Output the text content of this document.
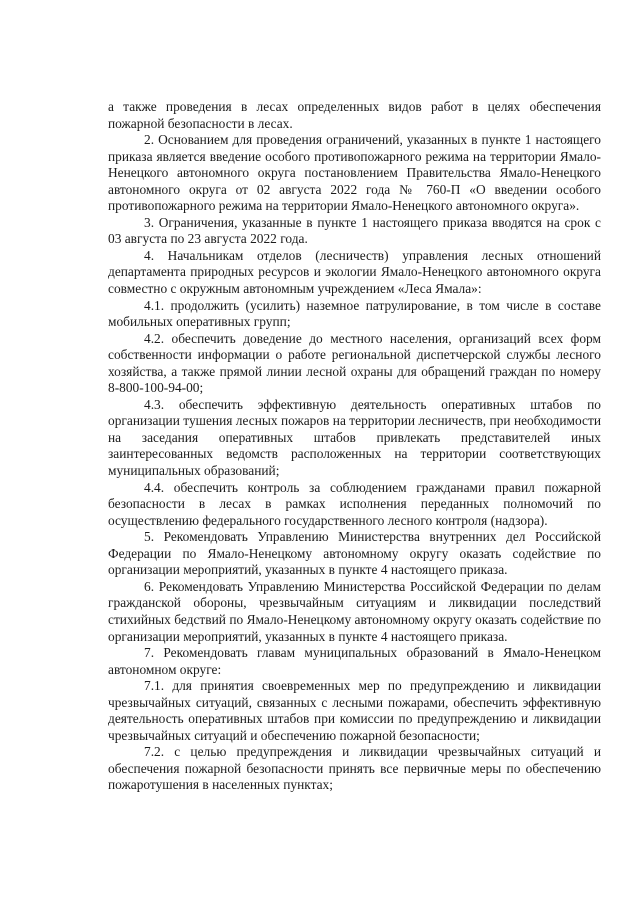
а также проведения в лесах определенных видов работ в целях обеспечения пожарной безопасности в лесах.

2. Основанием для проведения ограничений, указанных в пункте 1 настоящего приказа является введение особого противопожарного режима на территории Ямало-Ненецкого автономного округа постановлением Правительства Ямало-Ненецкого автономного округа от 02 августа 2022 года № 760-П «О введении особого противопожарного режима на территории Ямало-Ненецкого автономного округа».

3. Ограничения, указанные в пункте 1 настоящего приказа вводятся на срок с 03 августа по 23 августа 2022 года.

4. Начальникам отделов (лесничеств) управления лесных отношений департамента природных ресурсов и экологии Ямало-Ненецкого автономного округа совместно с окружным автономным учреждением «Леса Ямала»:

4.1. продолжить (усилить) наземное патрулирование, в том числе в составе мобильных оперативных групп;

4.2. обеспечить доведение до местного населения, организаций всех форм собственности информации о работе региональной диспетчерской службы лесного хозяйства, а также прямой линии лесной охраны для обращений граждан по номеру 8-800-100-94-00;

4.3. обеспечить эффективную деятельность оперативных штабов по организации тушения лесных пожаров на территории лесничеств, при необходимости на заседания оперативных штабов привлекать представителей иных заинтересованных ведомств расположенных на территории соответствующих муниципальных образований;

4.4. обеспечить контроль за соблюдением гражданами правил пожарной безопасности в лесах в рамках исполнения переданных полномочий по осуществлению федерального государственного лесного контроля (надзора).

5. Рекомендовать Управлению Министерства внутренних дел Российской Федерации по Ямало-Ненецкому автономному округу оказать содействие по организации мероприятий, указанных в пункте 4 настоящего приказа.

6. Рекомендовать Управлению Министерства Российской Федерации по делам гражданской обороны, чрезвычайным ситуациям и ликвидации последствий стихийных бедствий по Ямало-Ненецкому автономному округу оказать содействие по организации мероприятий, указанных в пункте 4 настоящего приказа.

7. Рекомендовать главам муниципальных образований в Ямало-Ненецком автономном округе:

7.1. для принятия своевременных мер по предупреждению и ликвидации чрезвычайных ситуаций, связанных с лесными пожарами, обеспечить эффективную деятельность оперативных штабов при комиссии по предупреждению и ликвидации чрезвычайных ситуаций и обеспечению пожарной безопасности;

7.2. с целью предупреждения и ликвидации чрезвычайных ситуаций и обеспечения пожарной безопасности принять все первичные меры по обеспечению пожаротушения в населенных пунктах;
